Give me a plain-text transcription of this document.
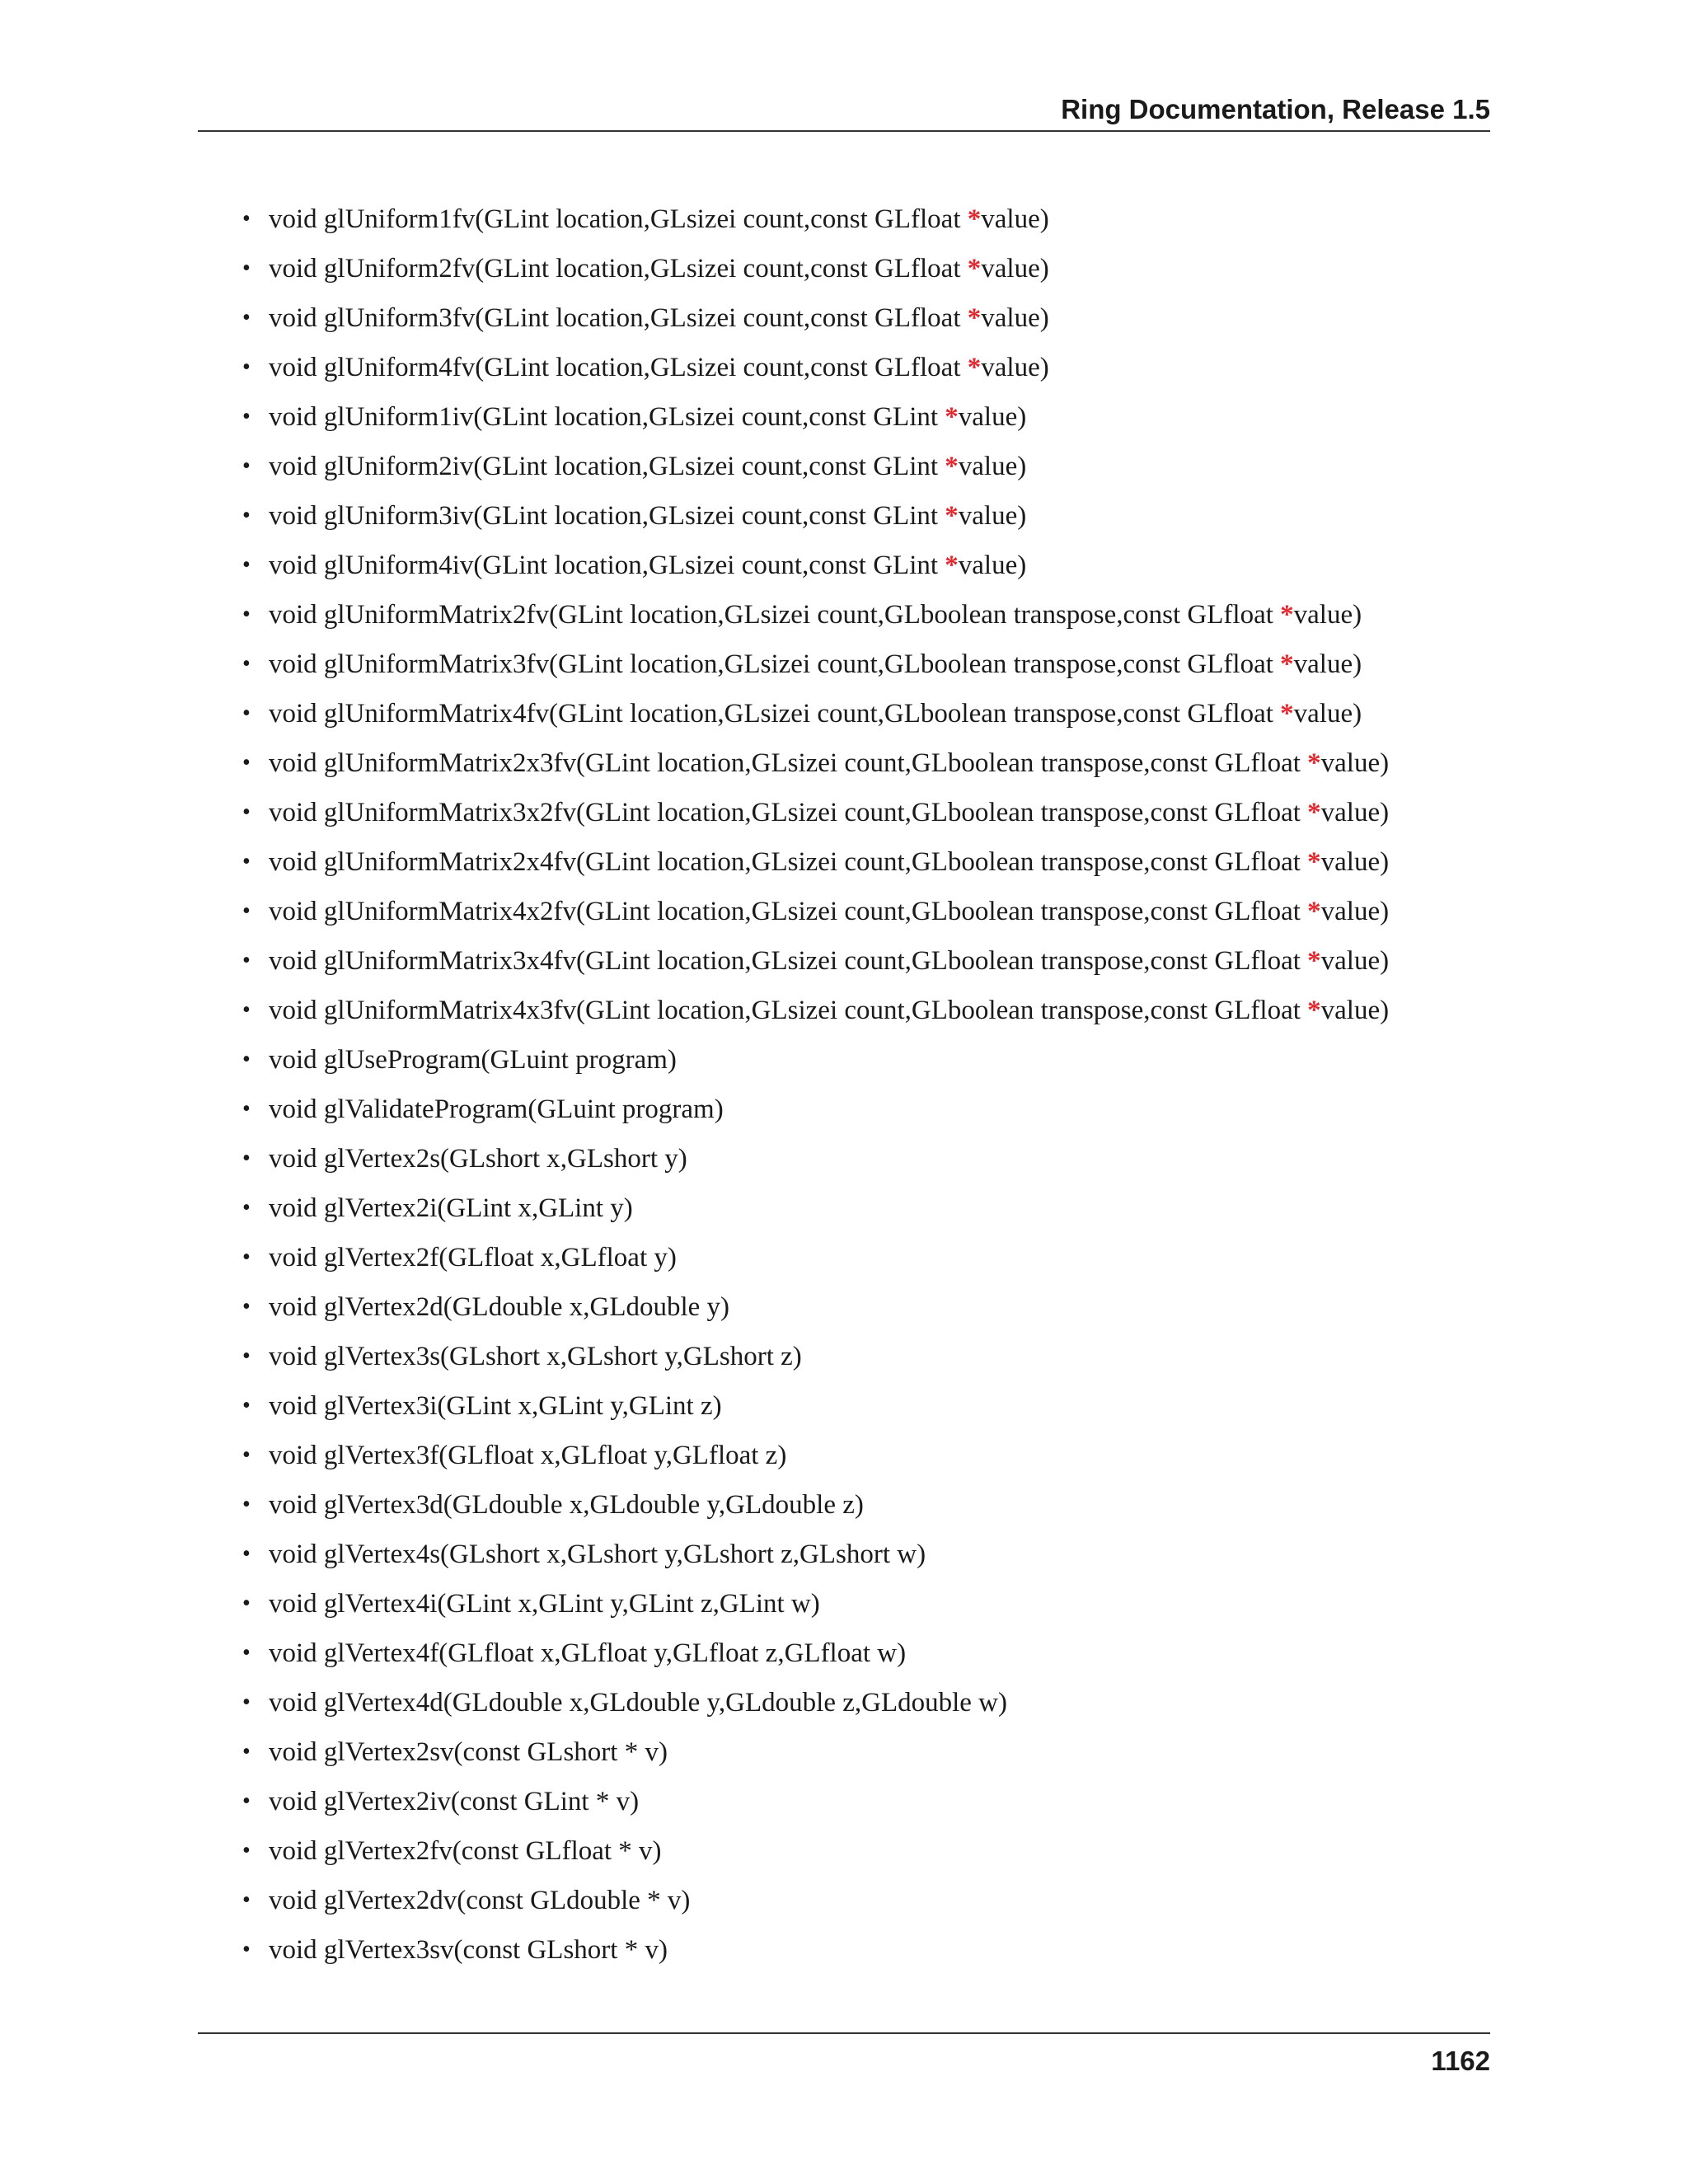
Ring Documentation, Release 1.5
• void glUniform1fv(GLint location,GLsizei count,const GLfloat *value)
• void glUniform2fv(GLint location,GLsizei count,const GLfloat *value)
• void glUniform3fv(GLint location,GLsizei count,const GLfloat *value)
• void glUniform4fv(GLint location,GLsizei count,const GLfloat *value)
• void glUniform1iv(GLint location,GLsizei count,const GLint *value)
• void glUniform2iv(GLint location,GLsizei count,const GLint *value)
• void glUniform3iv(GLint location,GLsizei count,const GLint *value)
• void glUniform4iv(GLint location,GLsizei count,const GLint *value)
• void glUniformMatrix2fv(GLint location,GLsizei count,GLboolean transpose,const GLfloat *value)
• void glUniformMatrix3fv(GLint location,GLsizei count,GLboolean transpose,const GLfloat *value)
• void glUniformMatrix4fv(GLint location,GLsizei count,GLboolean transpose,const GLfloat *value)
• void glUniformMatrix2x3fv(GLint location,GLsizei count,GLboolean transpose,const GLfloat *value)
• void glUniformMatrix3x2fv(GLint location,GLsizei count,GLboolean transpose,const GLfloat *value)
• void glUniformMatrix2x4fv(GLint location,GLsizei count,GLboolean transpose,const GLfloat *value)
• void glUniformMatrix4x2fv(GLint location,GLsizei count,GLboolean transpose,const GLfloat *value)
• void glUniformMatrix3x4fv(GLint location,GLsizei count,GLboolean transpose,const GLfloat *value)
• void glUniformMatrix4x3fv(GLint location,GLsizei count,GLboolean transpose,const GLfloat *value)
• void glUseProgram(GLuint program)
• void glValidateProgram(GLuint program)
• void glVertex2s(GLshort x,GLshort y)
• void glVertex2i(GLint x,GLint y)
• void glVertex2f(GLfloat x,GLfloat y)
• void glVertex2d(GLdouble x,GLdouble y)
• void glVertex3s(GLshort x,GLshort y,GLshort z)
• void glVertex3i(GLint x,GLint y,GLint z)
• void glVertex3f(GLfloat x,GLfloat y,GLfloat z)
• void glVertex3d(GLdouble x,GLdouble y,GLdouble z)
• void glVertex4s(GLshort x,GLshort y,GLshort z,GLshort w)
• void glVertex4i(GLint x,GLint y,GLint z,GLint w)
• void glVertex4f(GLfloat x,GLfloat y,GLfloat z,GLfloat w)
• void glVertex4d(GLdouble x,GLdouble y,GLdouble z,GLdouble w)
• void glVertex2sv(const GLshort * v)
• void glVertex2iv(const GLint * v)
• void glVertex2fv(const GLfloat * v)
• void glVertex2dv(const GLdouble * v)
• void glVertex3sv(const GLshort * v)
1162
